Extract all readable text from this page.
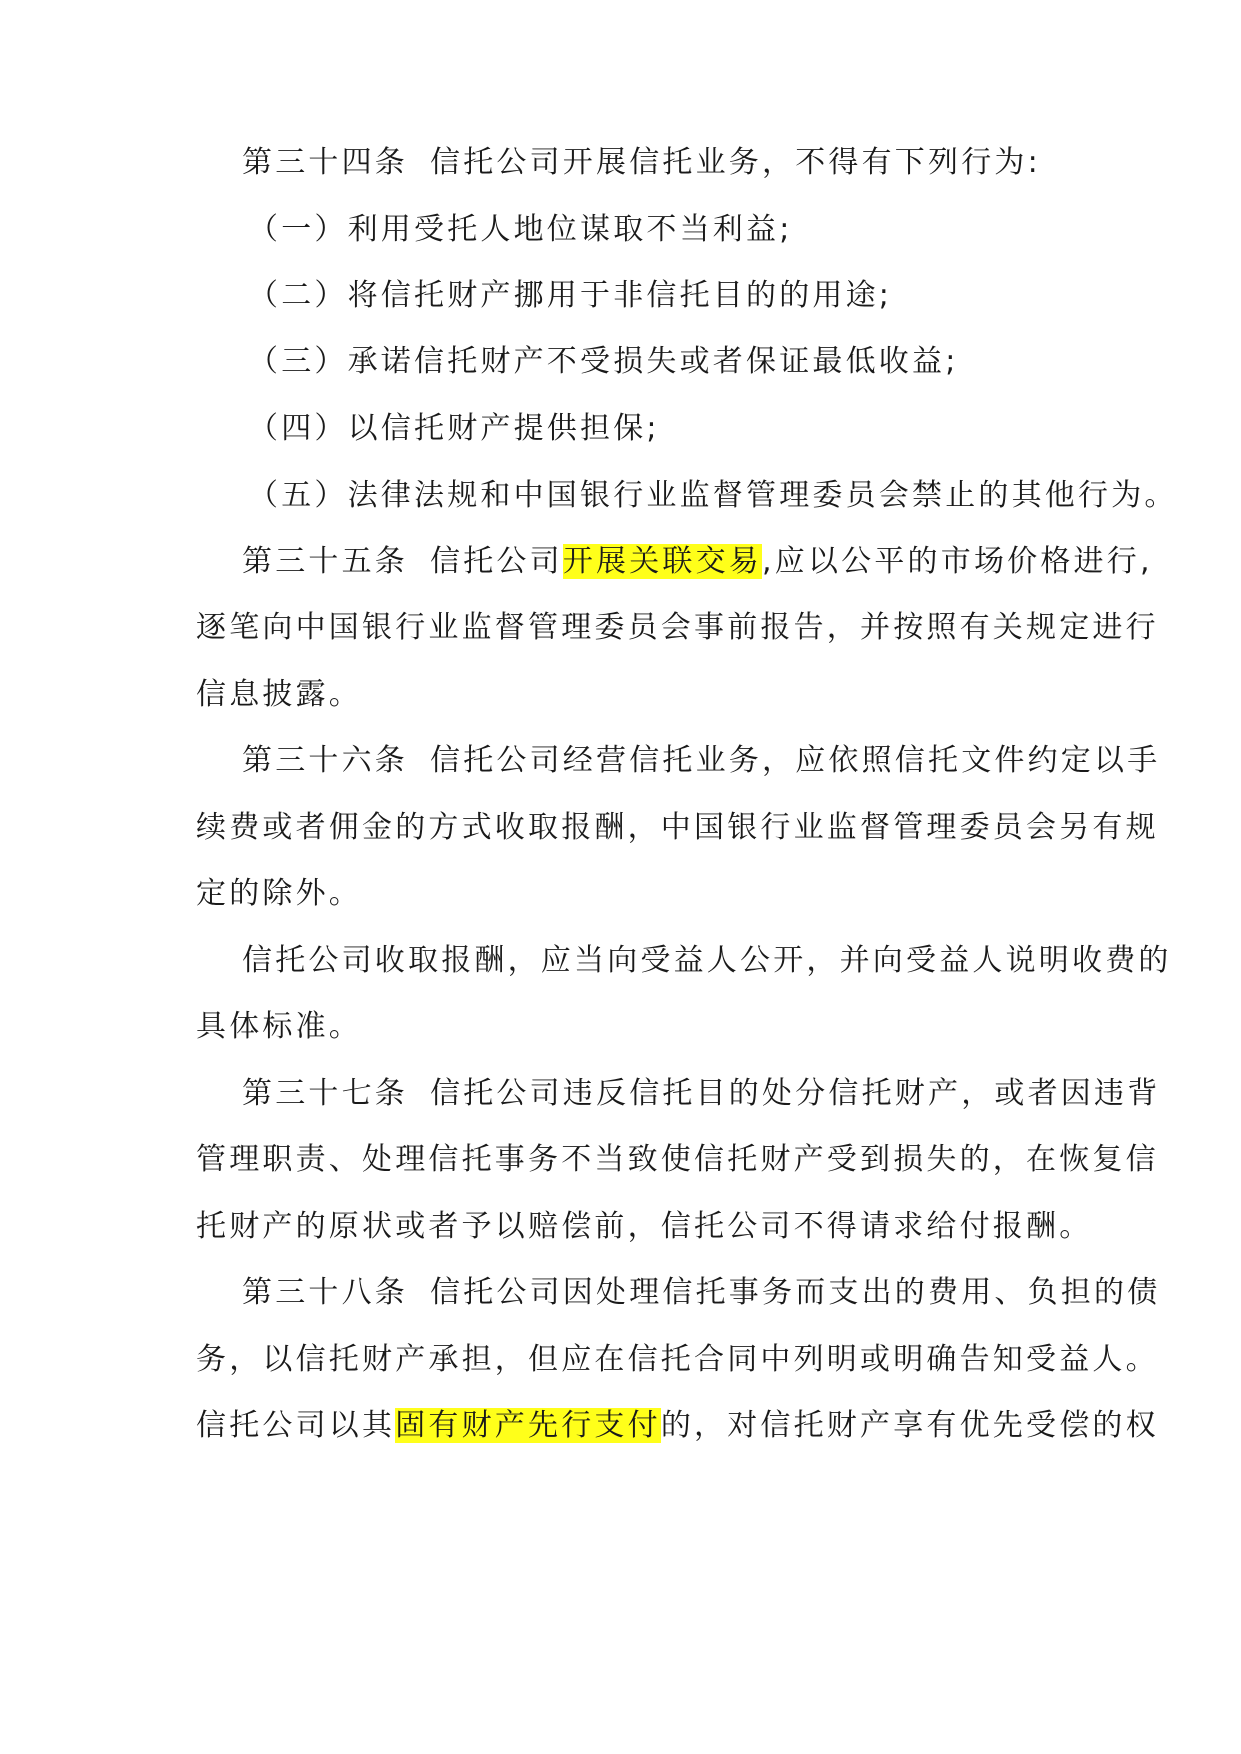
第三十四条 信托公司开展信托业务，不得有下列行为:
（一）利用受托人地位谋取不当利益;
（二）将信托财产挪用于非信托目的的用途;
（三）承诺信托财产不受损失或者保证最低收益;
（四）以信托财产提供担保;
（五）法律法规和中国银行业监督管理委员会禁止的其他行为。
第三十五条 信托公司开展关联交易,应以公平的市场价格进行,
逐笔向中国银行业监督管理委员会事前报告，并按照有关规定进行
信息披露。
第三十六条 信托公司经营信托业务，应依照信托文件约定以手
续费或者佣金的方式收取报酬，中国银行业监督管理委员会另有规
定的除外。
信托公司收取报酬，应当向受益人公开，并向受益人说明收费的
具体标准。
第三十七条 信托公司违反信托目的处分信托财产，或者因违背
管理职责、处理信托事务不当致使信托财产受到损失的，在恢复信
托财产的原状或者予以赔偿前，信托公司不得请求给付报酬。
第三十八条 信托公司因处理信托事务而支出的费用、负担的债
务，以信托财产承担，但应在信托合同中列明或明确告知受益人。
信托公司以其固有财产先行支付的，对信托财产享有优先受偿的权
